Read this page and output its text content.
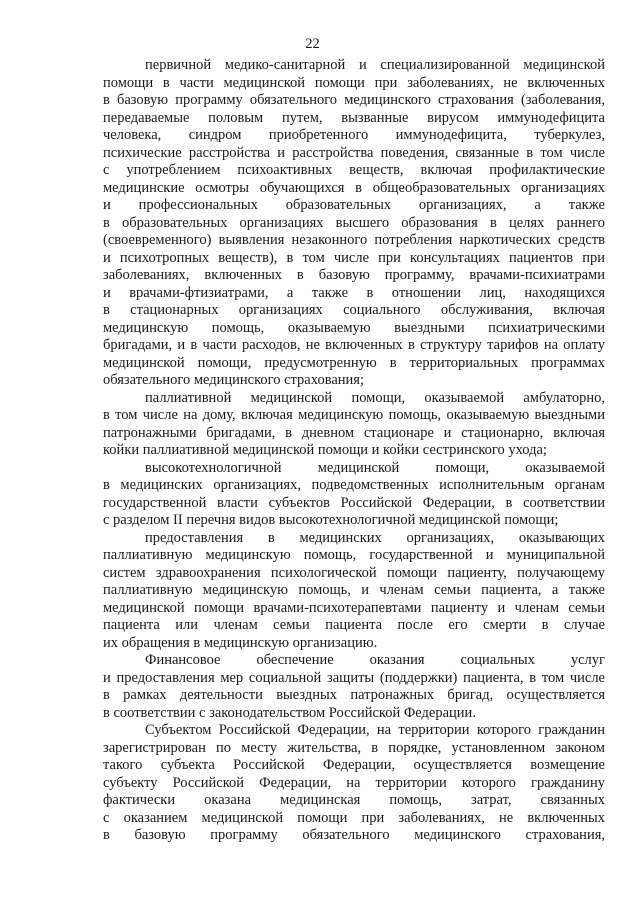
22
первичной медико-санитарной и специализированной медицинской
помощи в части медицинской помощи при заболеваниях, не включенных
в базовую программу обязательного медицинского страхования (заболевания,
передаваемые половым путем, вызванные вирусом иммунодефицита
человека, синдром приобретенного иммунодефицита, туберкулез,
психические расстройства и расстройства поведения, связанные в том числе
с употреблением психоактивных веществ, включая профилактические
медицинские осмотры обучающихся в общеобразовательных организациях
и профессиональных образовательных организациях, а также
в образовательных организациях высшего образования в целях раннего
(своевременного) выявления незаконного потребления наркотических средств
и психотропных веществ), в том числе при консультациях пациентов при
заболеваниях, включенных в базовую программу, врачами-психиатрами
и врачами-фтизиатрами, а также в отношении лиц, находящихся
в стационарных организациях социального обслуживания, включая
медицинскую помощь, оказываемую выездными психиатрическими
бригадами, и в части расходов, не включенных в структуру тарифов на оплату
медицинской помощи, предусмотренную в территориальных программах
обязательного медицинского страхования;
паллиативной медицинской помощи, оказываемой амбулаторно,
в том числе на дому, включая медицинскую помощь, оказываемую выездными
патронажными бригадами, в дневном стационаре и стационарно, включая
койки паллиативной медицинской помощи и койки сестринского ухода;
высокотехнологичной медицинской помощи, оказываемой
в медицинских организациях, подведомственных исполнительным органам
государственной власти субъектов Российской Федерации, в соответствии
с разделом II перечня видов высокотехнологичной медицинской помощи;
предоставления в медицинских организациях, оказывающих
паллиативную медицинскую помощь, государственной и муниципальной
систем здравоохранения психологической помощи пациенту, получающему
паллиативную медицинскую помощь, и членам семьи пациента, а также
медицинской помощи врачами-психотерапевтами пациенту и членам семьи
пациента или членам семьи пациента после его смерти в случае
их обращения в медицинскую организацию.
Финансовое обеспечение оказания социальных услуг
и предоставления мер социальной защиты (поддержки) пациента, в том числе
в рамках деятельности выездных патронажных бригад, осуществляется
в соответствии с законодательством Российской Федерации.
Субъектом Российской Федерации, на территории которого гражданин
зарегистрирован по месту жительства, в порядке, установленном законом
такого субъекта Российской Федерации, осуществляется возмещение
субъекту Российской Федерации, на территории которого гражданину
фактически оказана медицинская помощь, затрат, связанных
с оказанием медицинской помощи при заболеваниях, не включенных
в базовую программу обязательного медицинского страхования,
